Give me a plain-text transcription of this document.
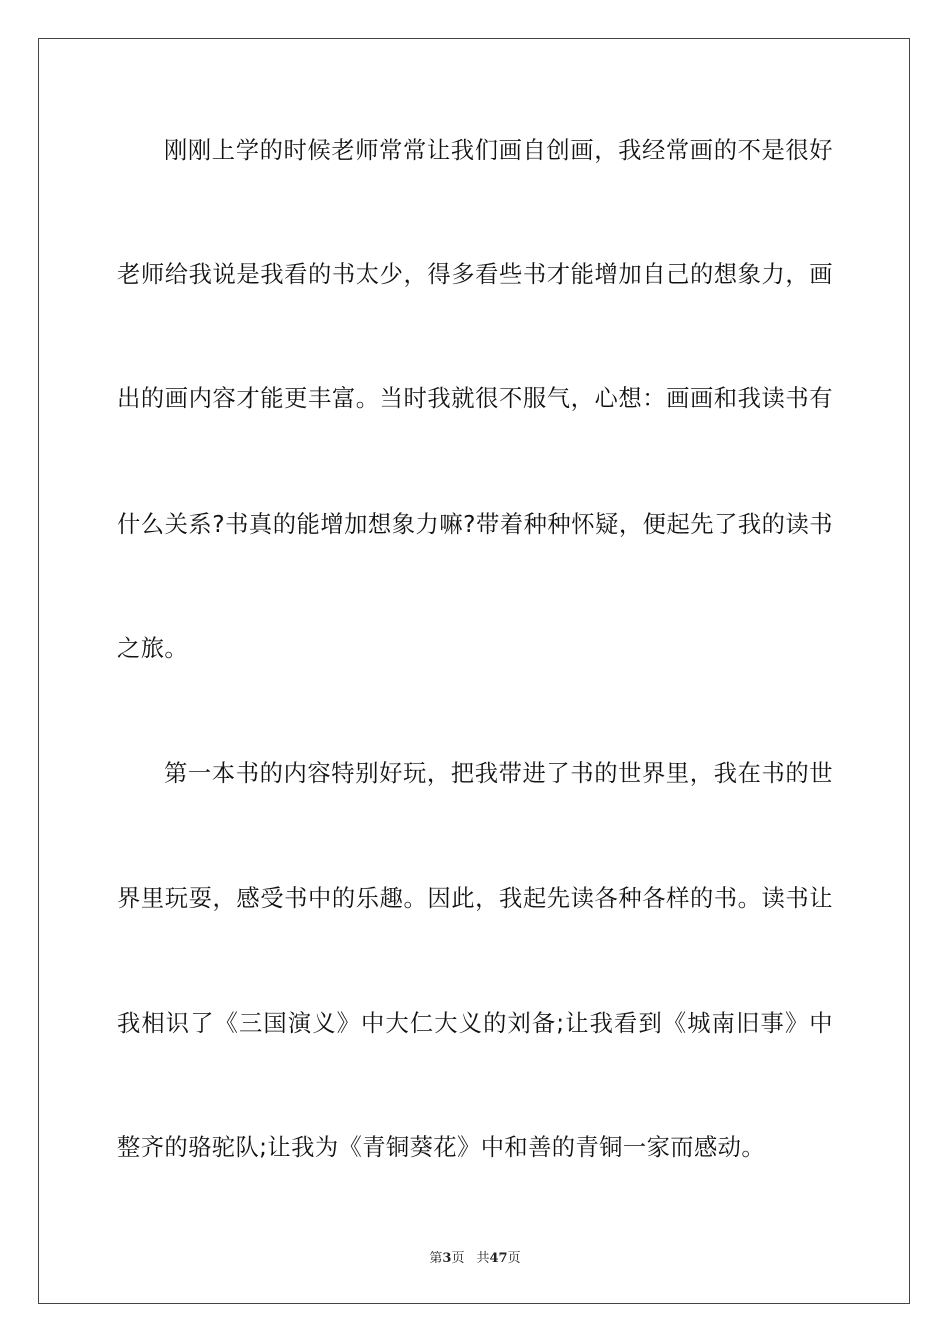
刚刚上学的时候老师常常让我们画自创画，我经常画的不是很好
老师给我说是我看的书太少，得多看些书才能增加自己的想象力，画
出的画内容才能更丰富。当时我就很不服气，心想：画画和我读书有
什么关系?书真的能增加想象力嘛?带着种种怀疑，便起先了我的读书
之旅。
第一本书的内容特别好玩，把我带进了书的世界里，我在书的世
界里玩耍，感受书中的乐趣。因此，我起先读各种各样的书。读书让
我相识了《三国演义》中大仁大义的刘备;让我看到《城南旧事》中
整齐的骆驼队;让我为《青铜葵花》中和善的青铜一家而感动。
第3页 共47页
